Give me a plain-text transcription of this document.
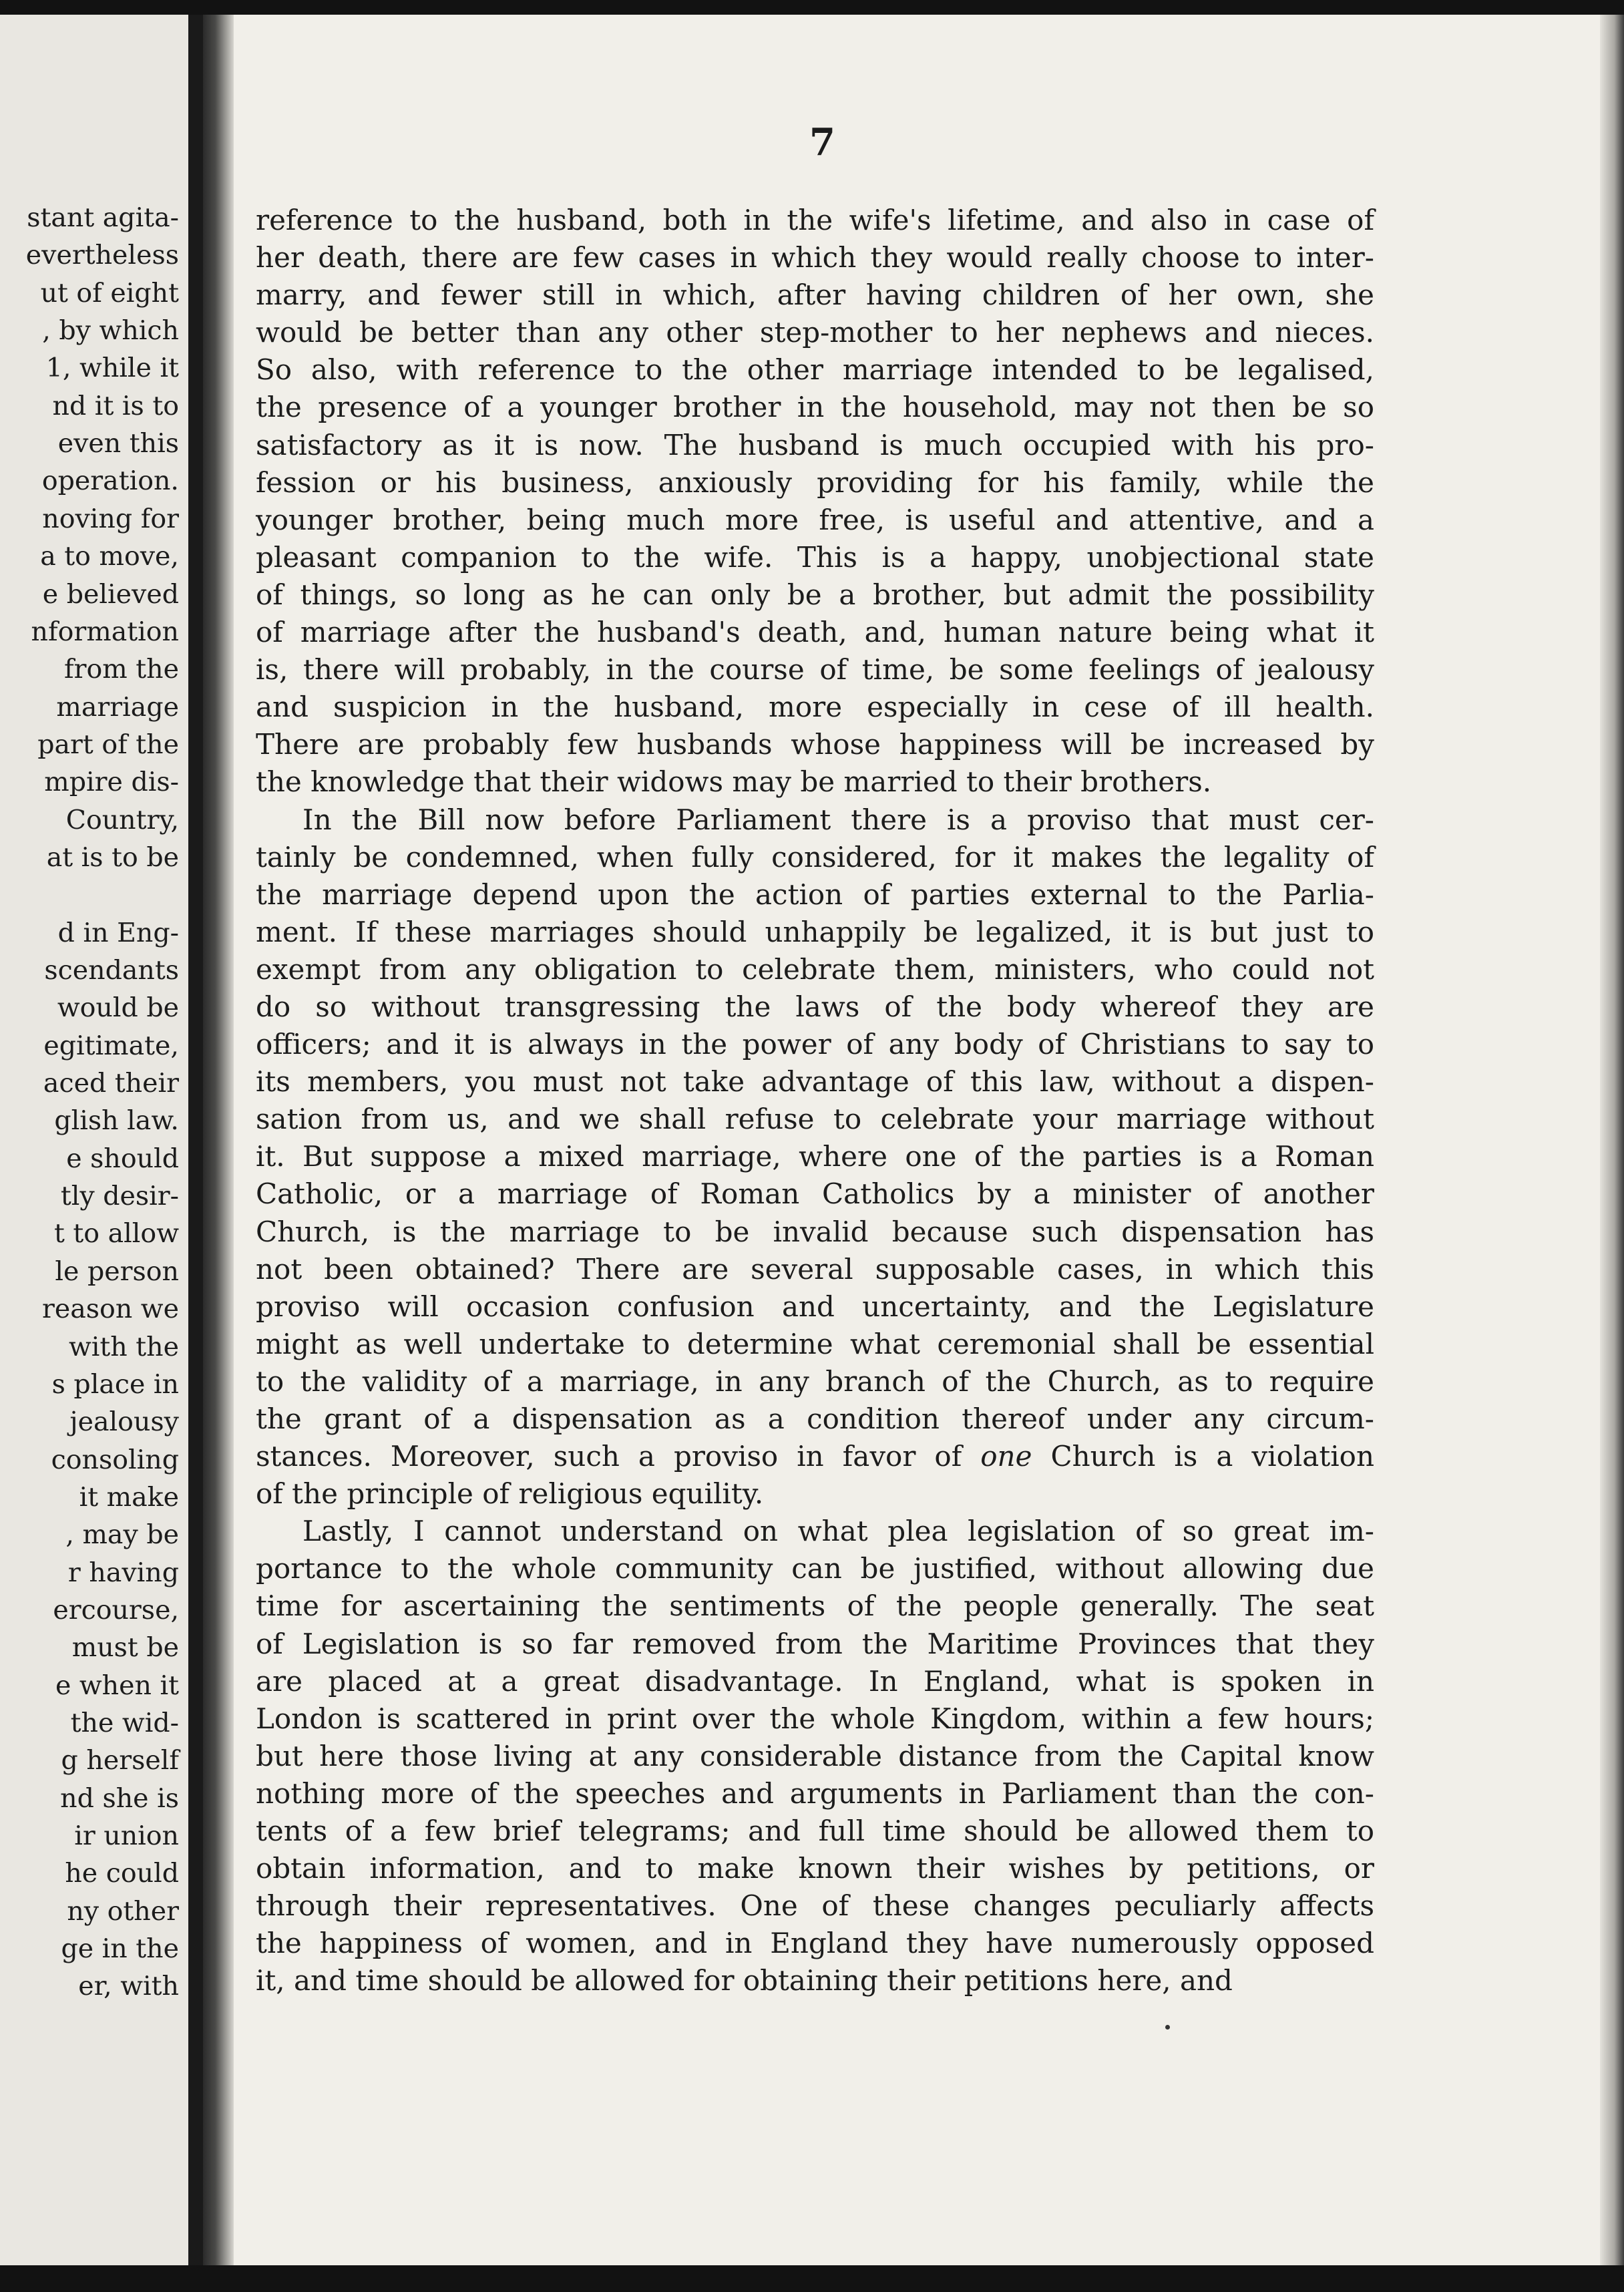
stant agita-
evertheless
ut of eight
, by which
1, while it
nd it is to
even this
operation.
noving for
a to move,
e believed
nformation
from the
marriage
part of the
mpire dis-
Country,
at is to be
d in Eng-
scendants
would be
egitimate,
aced their
glish law.
e should
tly desir-
t to allow
le person
reason we
with the
s place in
jealousy
consoling
it make
, may be
r having
ercourse,
must be
e when it
the wid-
g herself
nd she is
ir union
he could
ny other
ge in the
er, with
7
reference to the husband, both in the wife's lifetime, and also in case of
her death, there are few cases in which they would really choose to inter-
marry, and fewer still in which, after having children of her own, she
would be better than any other step-mother to her nephews and nieces.
So also, with reference to the other marriage intended to be legalised,
the presence of a younger brother in the household, may not then be so
satisfactory as it is now. The husband is much occupied with his pro-
fession or his business, anxiously providing for his family, while the
younger brother, being much more free, is useful and attentive, and a
pleasant companion to the wife. This is a happy, unobjectional state
of things, so long as he can only be a brother, but admit the possibility
of marriage after the husband's death, and, human nature being what it
is, there will probably, in the course of time, be some feelings of jealousy
and suspicion in the husband, more especially in cese of ill health.
There are probably few husbands whose happiness will be increased by
the knowledge that their widows may be married to their brothers.
In the Bill now before Parliament there is a proviso that must cer-
tainly be condemned, when fully considered, for it makes the legality of
the marriage depend upon the action of parties external to the Parlia-
ment. If these marriages should unhappily be legalized, it is but just to
exempt from any obligation to celebrate them, ministers, who could not
do so without transgressing the laws of the body whereof they are
officers; and it is always in the power of any body of Christians to say to
its members, you must not take advantage of this law, without a dispen-
sation from us, and we shall refuse to celebrate your marriage without
it. But suppose a mixed marriage, where one of the parties is a Roman
Catholic, or a marriage of Roman Catholics by a minister of another
Church, is the marriage to be invalid because such dispensation has
not been obtained? There are several supposable cases, in which this
proviso will occasion confusion and uncertainty, and the Legislature
might as well undertake to determine what ceremonial shall be essential
to the validity of a marriage, in any branch of the Church, as to require
the grant of a dispensation as a condition thereof under any circum-
stances. Moreover, such a proviso in favor of one Church is a violation
of the principle of religious equility.
Lastly, I cannot understand on what plea legislation of so great im-
portance to the whole community can be justified, without allowing due
time for ascertaining the sentiments of the people generally. The seat
of Legislation is so far removed from the Maritime Provinces that they
are placed at a great disadvantage. In England, what is spoken in
London is scattered in print over the whole Kingdom, within a few hours;
but here those living at any considerable distance from the Capital know
nothing more of the speeches and arguments in Parliament than the con-
tents of a few brief telegrams; and full time should be allowed them to
obtain information, and to make known their wishes by petitions, or
through their representatives. One of these changes peculiarly affects
the happiness of women, and in England they have numerously opposed
it, and time should be allowed for obtaining their petitions here, and
